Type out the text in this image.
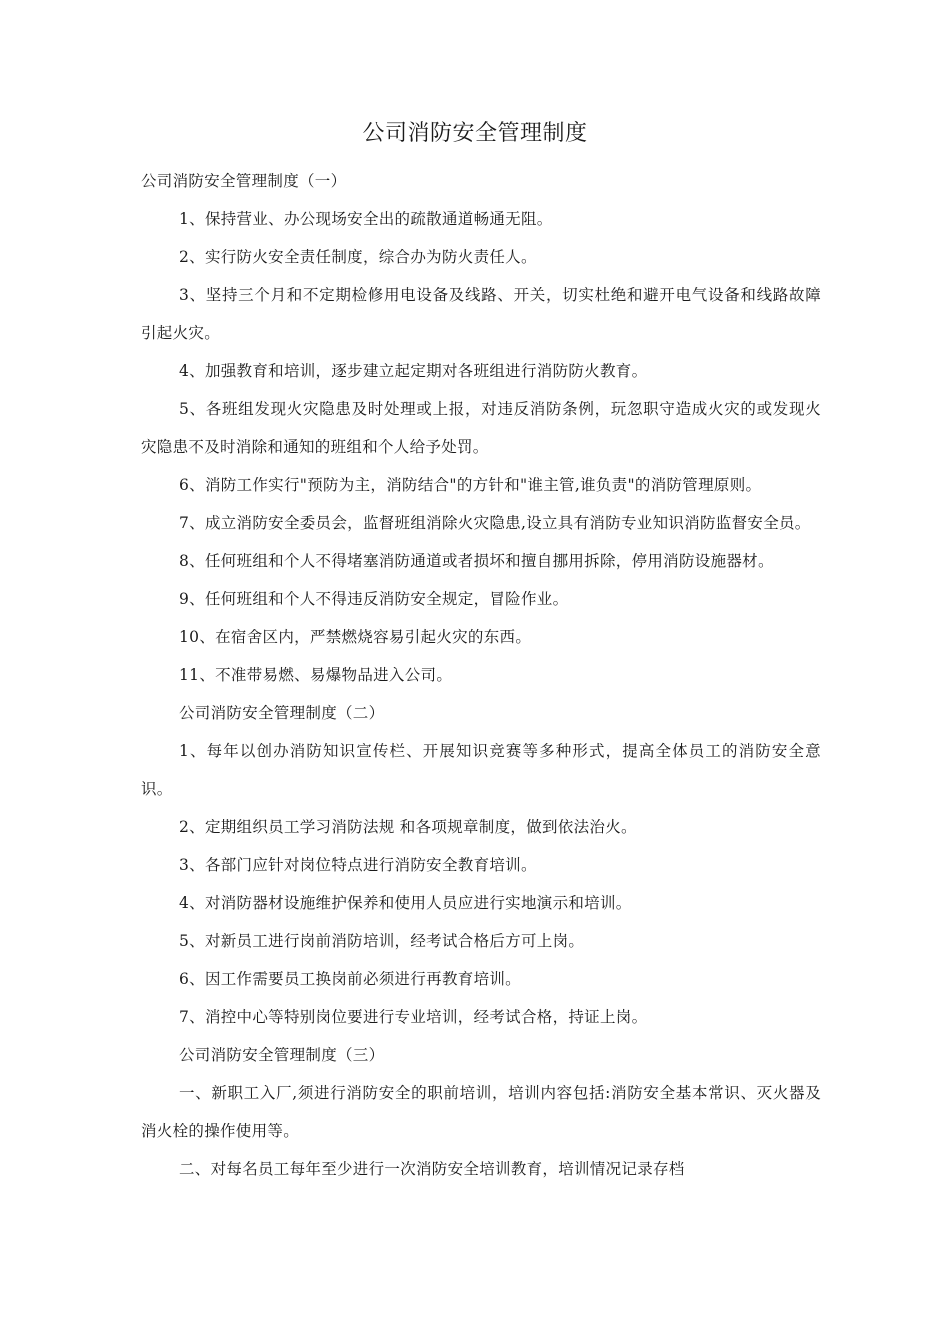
公司消防安全管理制度

公司消防安全管理制度（一）

1、保持营业、办公现场安全出的疏散通道畅通无阻。

2、实行防火安全责任制度，综合办为防火责任人。

3、坚持三个月和不定期检修用电设备及线路、开关，切实杜绝和避开电气设备和线路故障引起火灾。

4、加强教育和培训，逐步建立起定期对各班组进行消防防火教育。

5、各班组发现火灾隐患及时处理或上报，对违反消防条例，玩忽职守造成火灾的或发现火灾隐患不及时消除和通知的班组和个人给予处罚。

6、消防工作实行"预防为主，消防结合"的方针和"谁主管,谁负责"的消防管理原则。

7、成立消防安全委员会，监督班组消除火灾隐患,设立具有消防专业知识消防监督安全员。

8、任何班组和个人不得堵塞消防通道或者损坏和擅自挪用拆除，停用消防设施器材。

9、任何班组和个人不得违反消防安全规定，冒险作业。

10、在宿舍区内，严禁燃烧容易引起火灾的东西。

11、不准带易燃、易爆物品进入公司。

公司消防安全管理制度（二）

1、每年以创办消防知识宣传栏、开展知识竞赛等多种形式，提高全体员工的消防安全意识。

2、定期组织员工学习消防法规 和各项规章制度，做到依法治火。

3、各部门应针对岗位特点进行消防安全教育培训。

4、对消防器材设施维护保养和使用人员应进行实地演示和培训。

5、对新员工进行岗前消防培训，经考试合格后方可上岗。

6、因工作需要员工换岗前必须进行再教育培训。

7、消控中心等特别岗位要进行专业培训，经考试合格，持证上岗。

公司消防安全管理制度（三）

一、新职工入厂,须进行消防安全的职前培训，培训内容包括:消防安全基本常识、灭火器及消火栓的操作使用等。

二、对每名员工每年至少进行一次消防安全培训教育，培训情况记录存档
